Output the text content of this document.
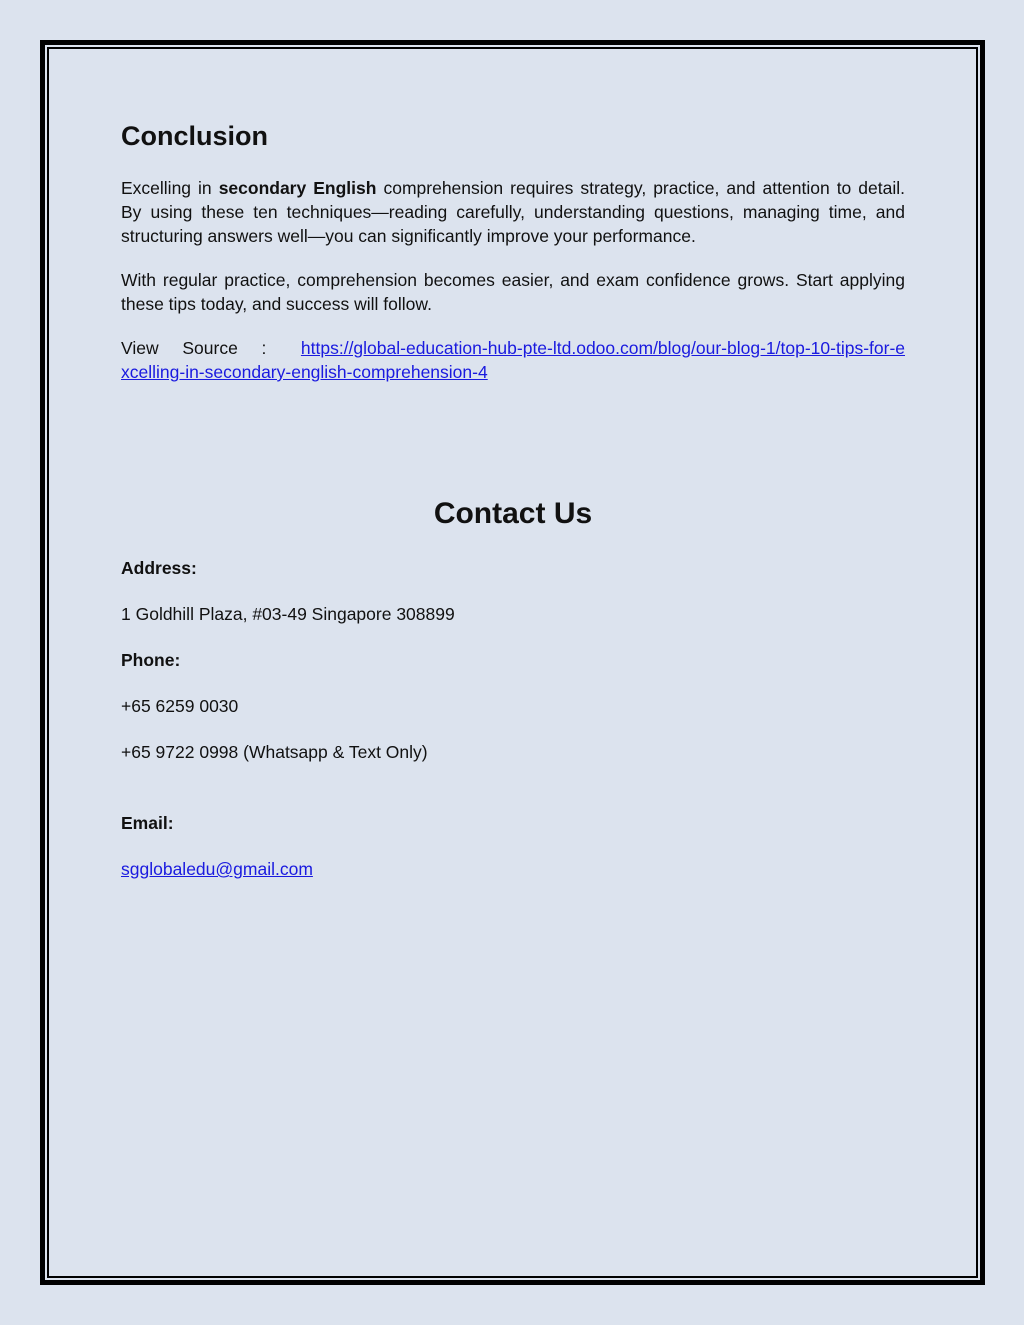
Conclusion

Excelling in secondary English comprehension requires strategy, practice, and attention to detail. By using these ten techniques—reading carefully, understanding questions, managing time, and structuring answers well—you can significantly improve your performance.

With regular practice, comprehension becomes easier, and exam confidence grows. Start applying these tips today, and success will follow.

View Source : https://global-education-hub-pte-ltd.odoo.com/blog/our-blog-1/top-10-tips-for-excelling-in-secondary-english-comprehension-4

Contact Us

Address:

1 Goldhill Plaza, #03-49 Singapore 308899

Phone:

+65 6259 0030

+65 9722 0998 (Whatsapp & Text Only)

Email:

sgglobaledu@gmail.com
